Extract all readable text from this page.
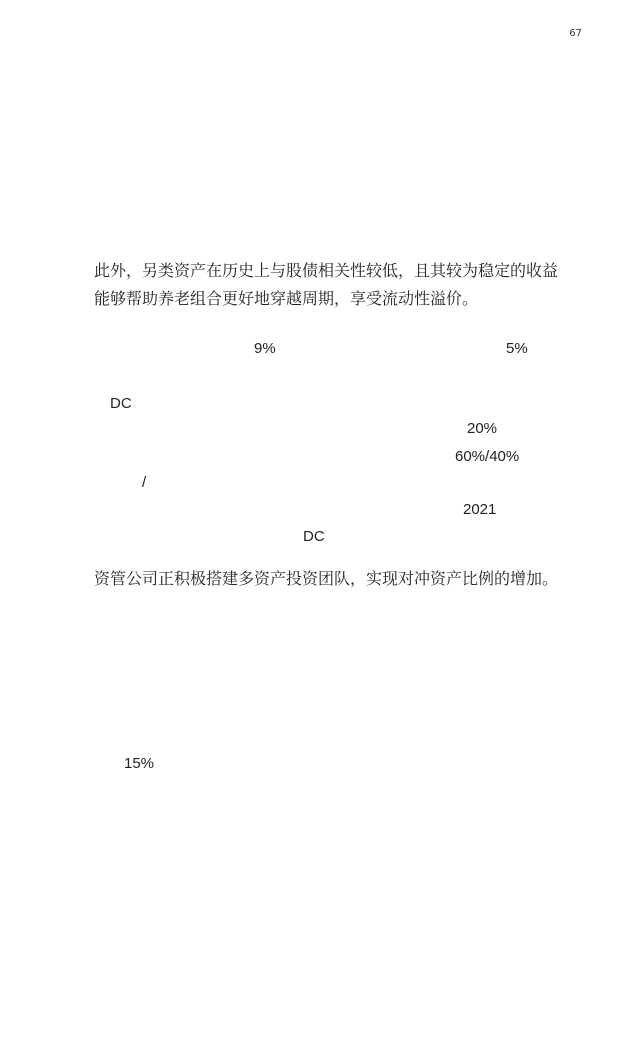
67
此外，另类资产在历史上与股债相关性较低，且其较为稳定的收益
能够帮助养老组合更好地穿越周期，享受流动性溢价。
9%	5%
DC
20%
60%/40%
/
2021
DC
资管公司正积极搭建多资产投资团队，实现对冲资产比例的增加。
15%
